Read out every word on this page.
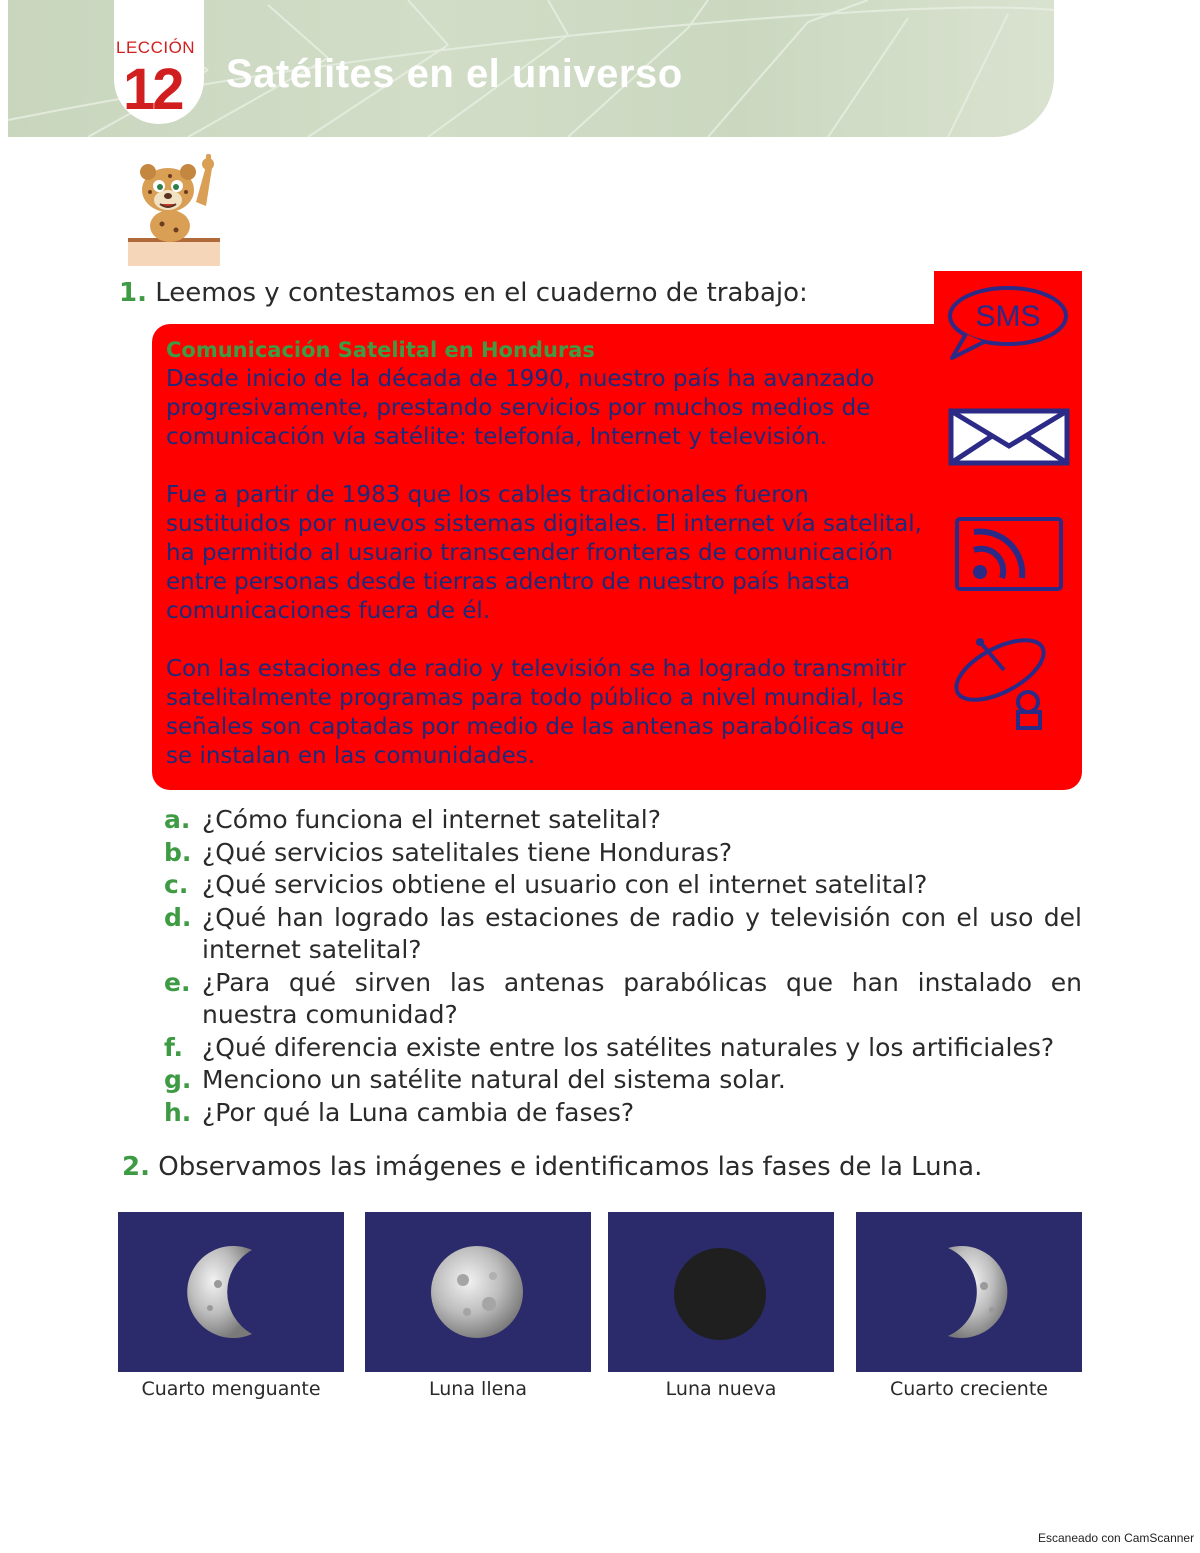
LECCIÓN
12 Satélites en el universo
1. Leemos y contestamos en el cuaderno de trabajo:
Comunicación Satelital en Honduras

Desde inicio de la década de 1990, nuestro país ha avanzado progresivamente, prestando servicios por muchos medios de comunicación vía satélite: telefonía, Internet y televisión.

Fue a partir de 1983 que los cables tradicionales fueron sustituidos por nuevos sistemas digitales. El internet vía satelital, ha permitido al usuario transcender fronteras de comunicación entre personas desde tierras adentro de nuestro país hasta comunicaciones fuera de él.

Con las estaciones de radio y televisión se ha logrado transmitir satelitalmente programas para todo público a nivel mundial, las señales son captadas por medio de las antenas parabólicas que se instalan en las comunidades.

SMS
a. ¿Cómo funciona el internet satelital?
b. ¿Qué servicios satelitales tiene Honduras?
c. ¿Qué servicios obtiene el usuario con el internet satelital?
d. ¿Qué han logrado las estaciones de radio y televisión con el uso del internet satelital?
e. ¿Para qué sirven las antenas parabólicas que han instalado en nuestra comunidad?
f. ¿Qué diferencia existe entre los satélites naturales y los artificiales?
g. Menciono un satélite natural del sistema solar.
h. ¿Por qué la Luna cambia de fases?
2. Observamos las imágenes e identificamos las fases de la Luna.
Cuarto menguante	Luna llena	Luna nueva	Cuarto creciente
Escaneado con CamScanner
